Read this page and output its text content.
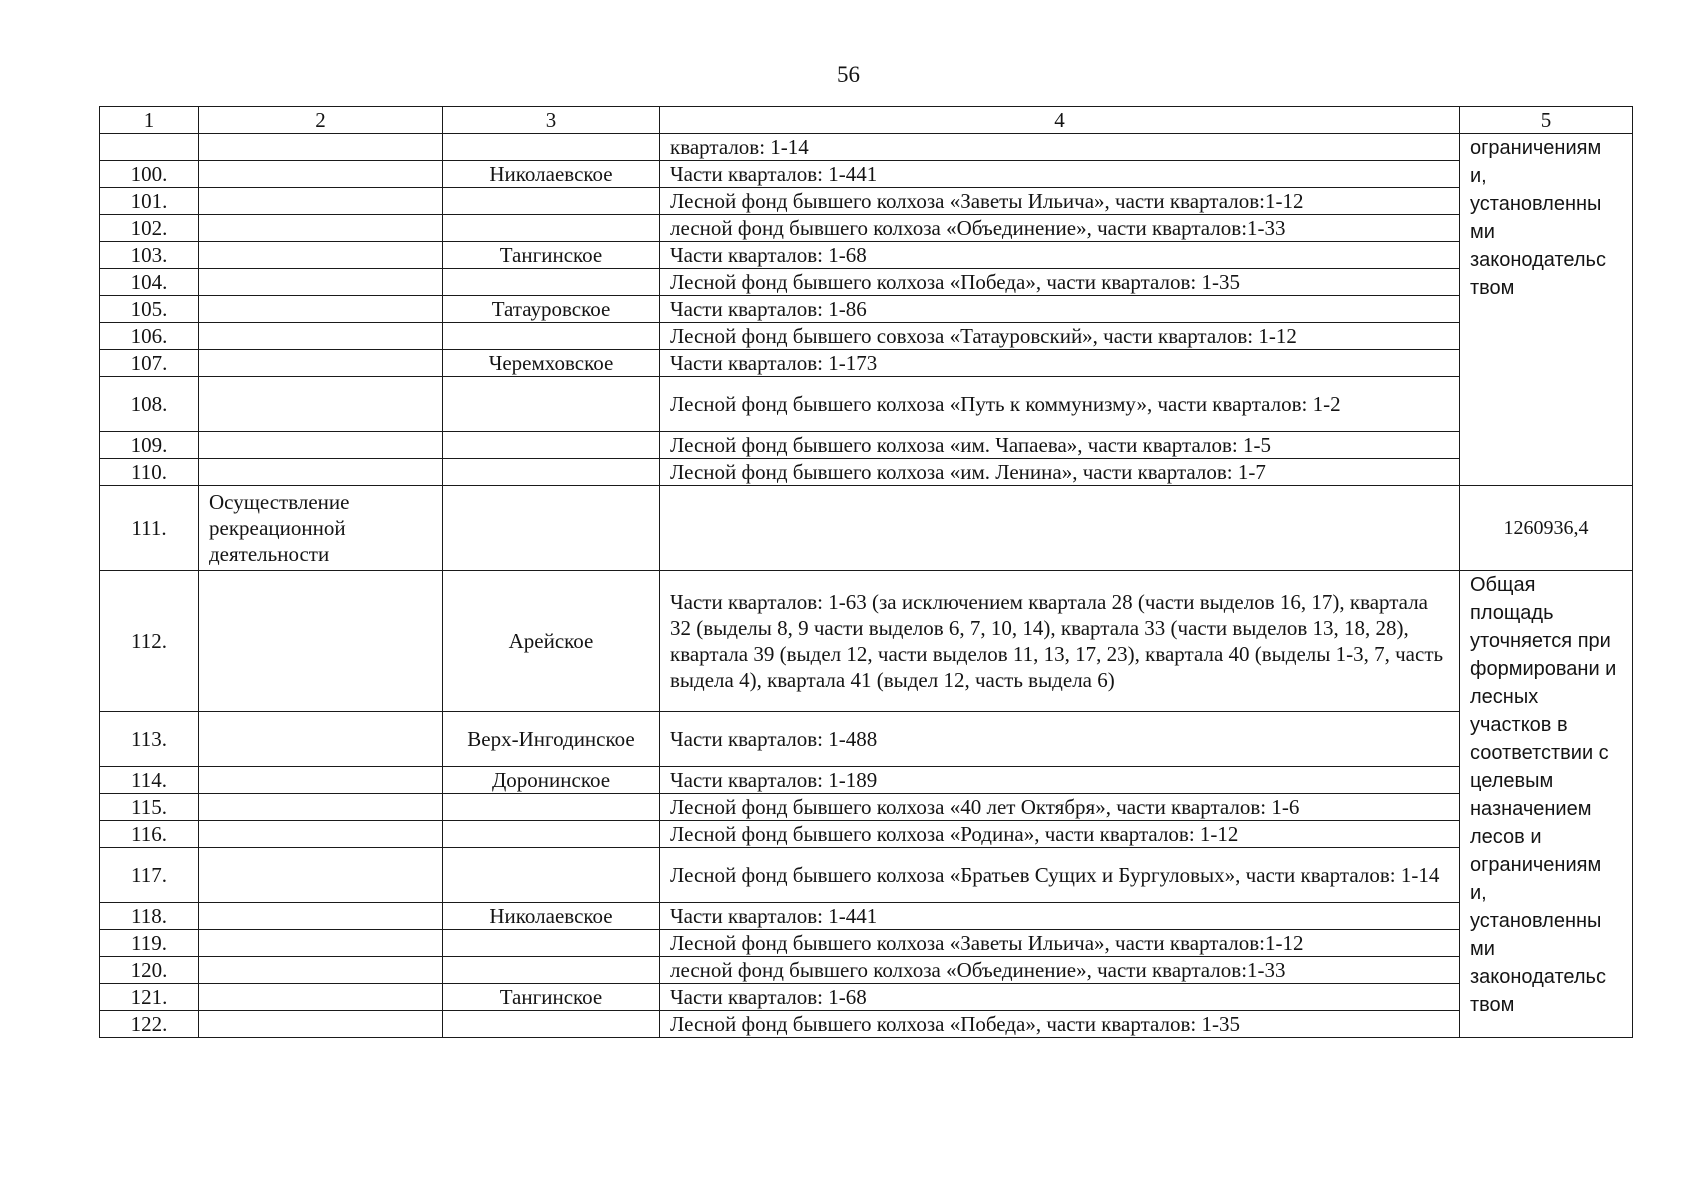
56
1	2	3	4	5
			кварталов: 1-14	ограничениям и, установленны ми законодательс твом

100.		Николаевское	Части кварталов: 1-441	
101.			Лесной фонд бывшего колхоза «Заветы Ильича», части кварталов:1-12	
102.			лесной фонд бывшего колхоза «Объединение», части кварталов:1-33	
103.		Тангинское	Части кварталов: 1-68	
104.			Лесной фонд бывшего колхоза «Победа», части кварталов: 1-35	
105.		Татауровское	Части кварталов: 1-86	
106.			Лесной фонд бывшего совхоза «Татауровский», части кварталов: 1-12	
107.		Черемховское	Части кварталов: 1-173	
108.			Лесной фонд бывшего колхоза «Путь к коммунизму», части кварталов: 1-2	
109.			Лесной фонд бывшего колхоза «им. Чапаева», части кварталов: 1-5	
110.			Лесной фонд бывшего колхоза «им. Ленина», части кварталов: 1-7	
111.	Осуществление рекреационной деятельности			1260936,4
112.		Арейское	Части кварталов: 1-63 (за исключением квартала 28 (части выделов 16, 17), квартала 32 (выделы 8, 9 части выделов 6, 7, 10, 14), квартала 33 (части выделов 13, 18, 28), квартала 39 (выдел 12, части выделов 11, 13, 17, 23), квартала 40 (выделы 1-3, 7, часть выдела 4), квартала 41 (выдел 12, часть выдела 6)	Общая площадь уточняется при формировани и лесных участков в соответствии с целевым назначением лесов и ограничениям и, установленны ми законодательс твом

113.		Верх-Ингодинское	Части кварталов: 1-488	
114.		Доронинское	Части кварталов: 1-189	
115.			Лесной фонд бывшего колхоза «40 лет Октября», части кварталов: 1-6	
116.			Лесной фонд бывшего колхоза «Родина», части кварталов: 1-12	
117.			Лесной фонд бывшего колхоза «Братьев Сущих и Бургуловых», части кварталов: 1-14	
118.		Николаевское	Части кварталов: 1-441	
119.			Лесной фонд бывшего колхоза «Заветы Ильича», части кварталов:1-12	
120.			лесной фонд бывшего колхоза «Объединение», части кварталов:1-33	
121.		Тангинское	Части кварталов: 1-68	
122.			Лесной фонд бывшего колхоза «Победа», части кварталов: 1-35	
